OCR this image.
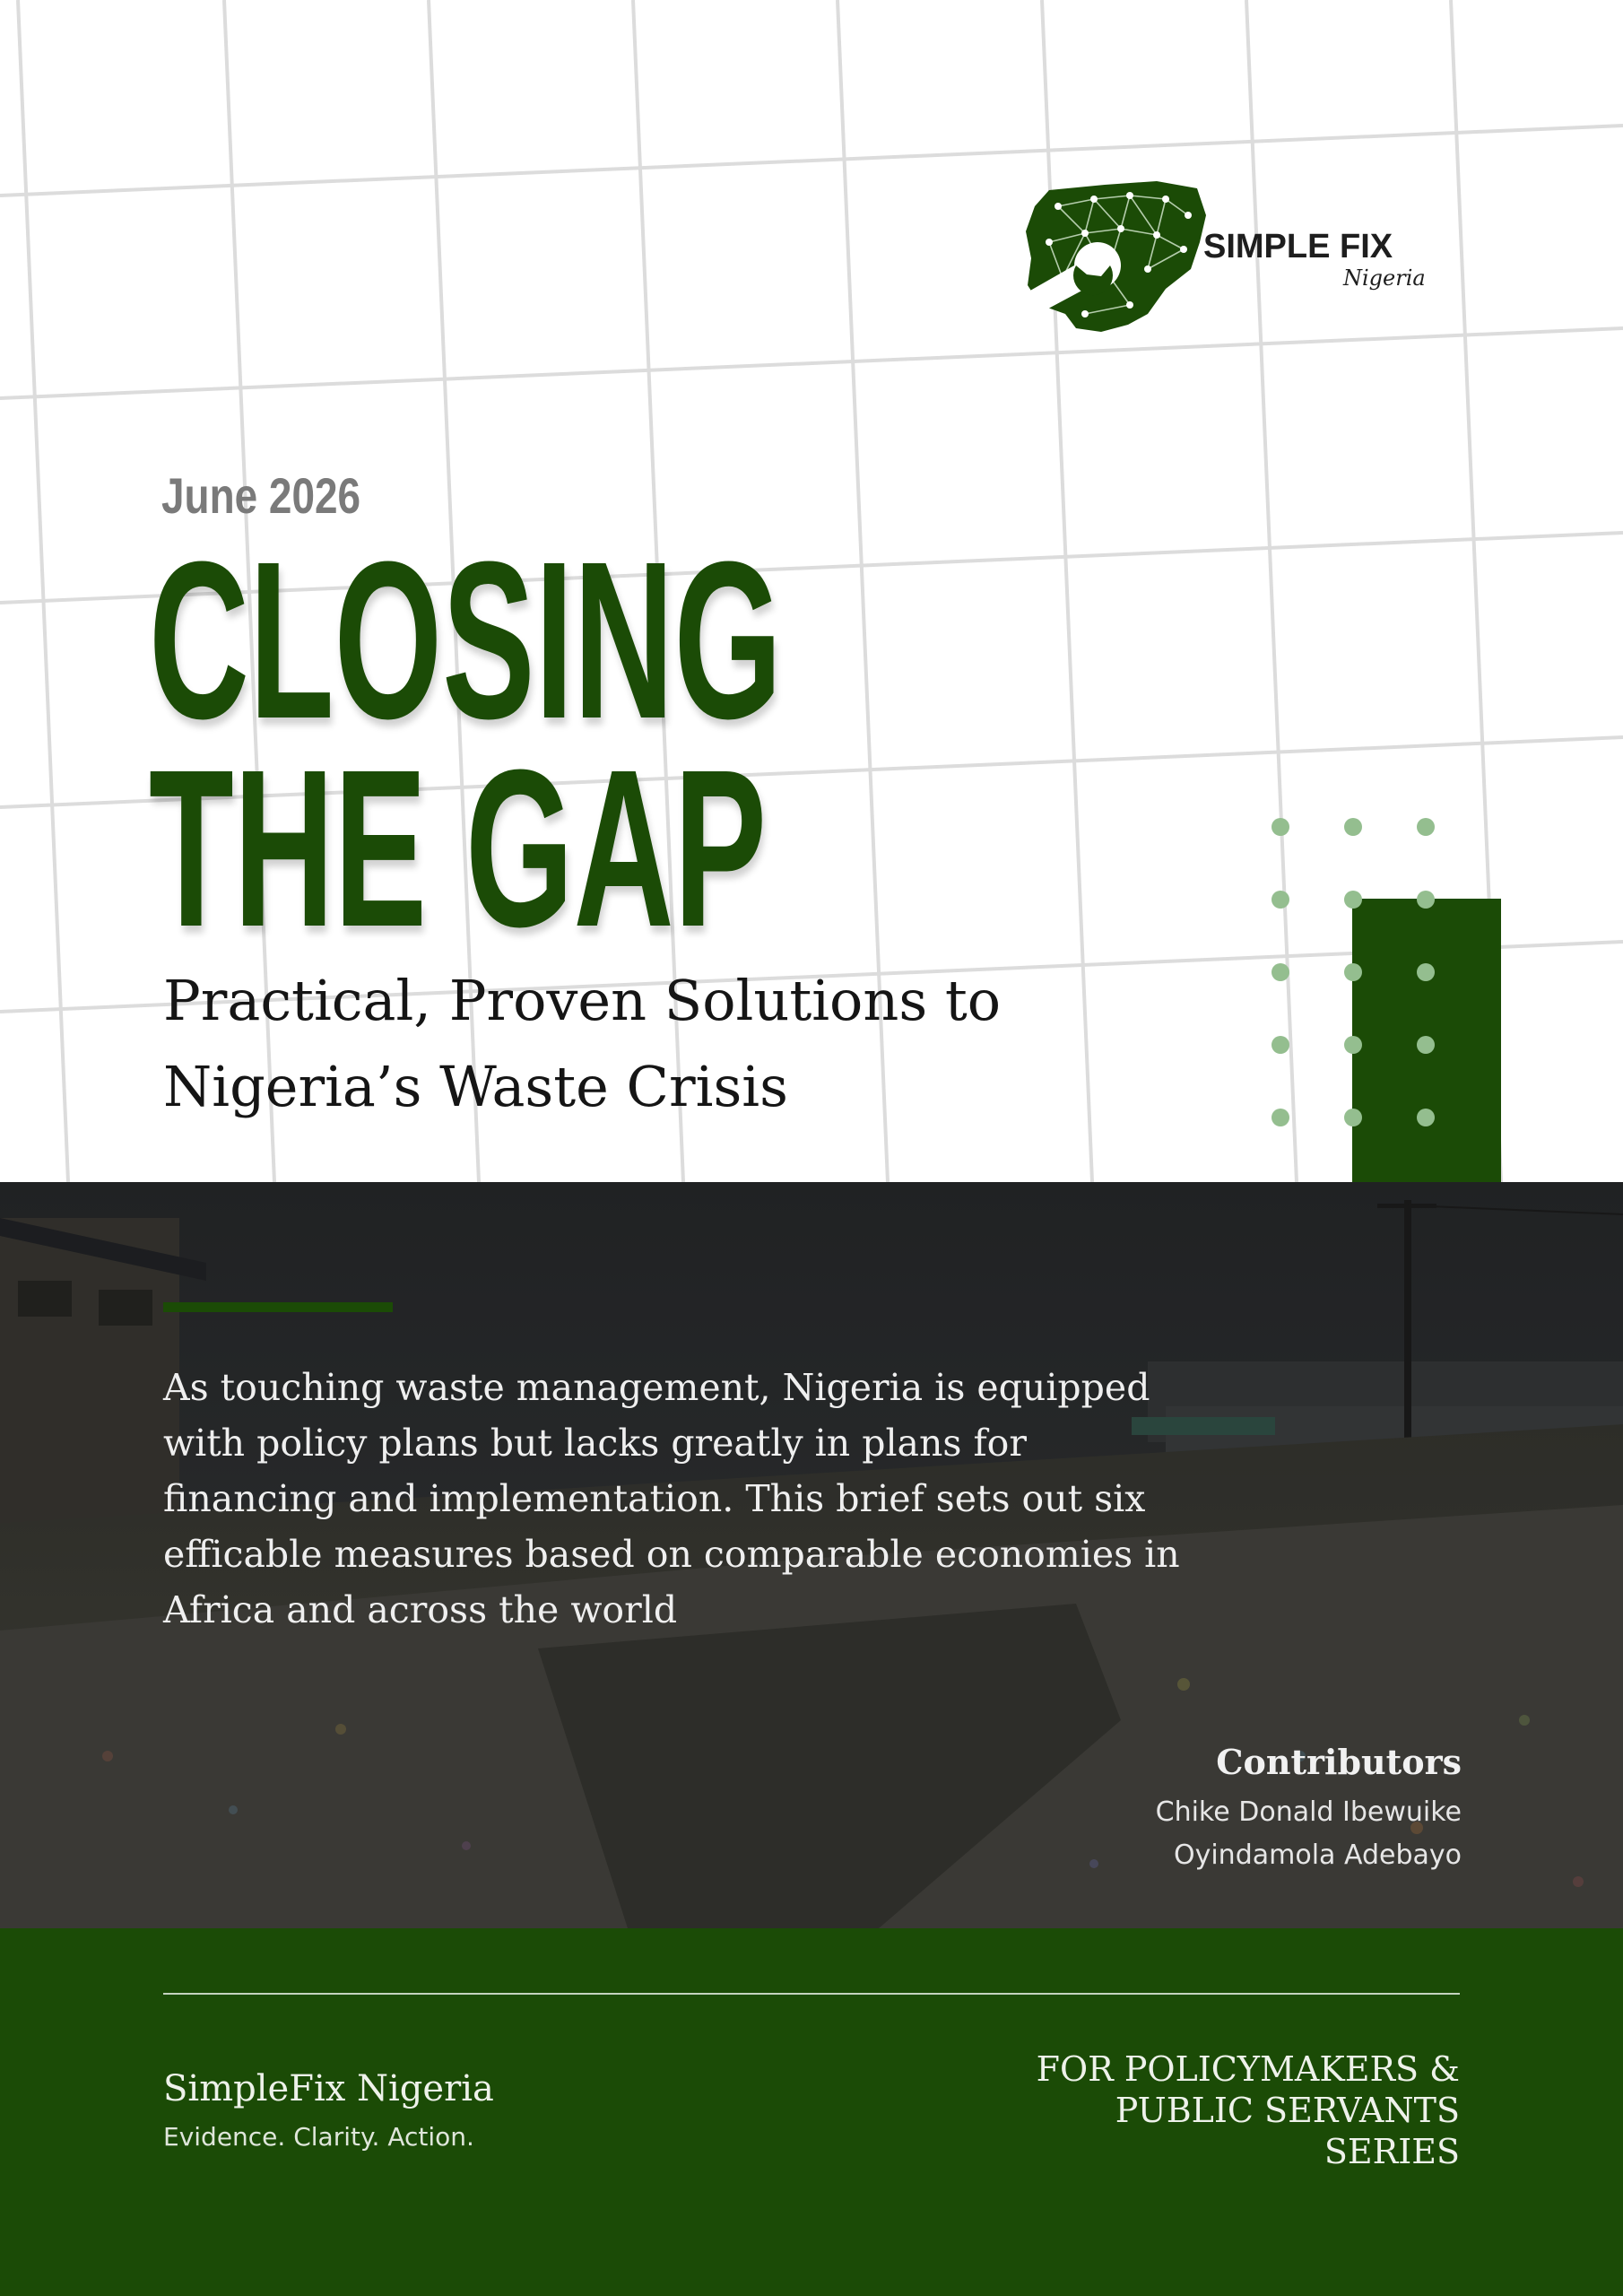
SIMPLE FIX
Nigeria
June 2026
CLOSING
THE GAP

Practical, Proven Solutions to Nigeria’s Waste Crisis

As touching waste management, Nigeria is equipped with policy plans but lacks greatly in plans for financing and implementation. This brief sets out six efficable measures based on comparable economies in Africa and across the world

Contributors
Chike Donald Ibewuike
Oyindamola Adebayo
SimpleFix Nigeria
Evidence. Clarity. Action.
FOR POLICYMAKERS &
PUBLIC SERVANTS
SERIES
